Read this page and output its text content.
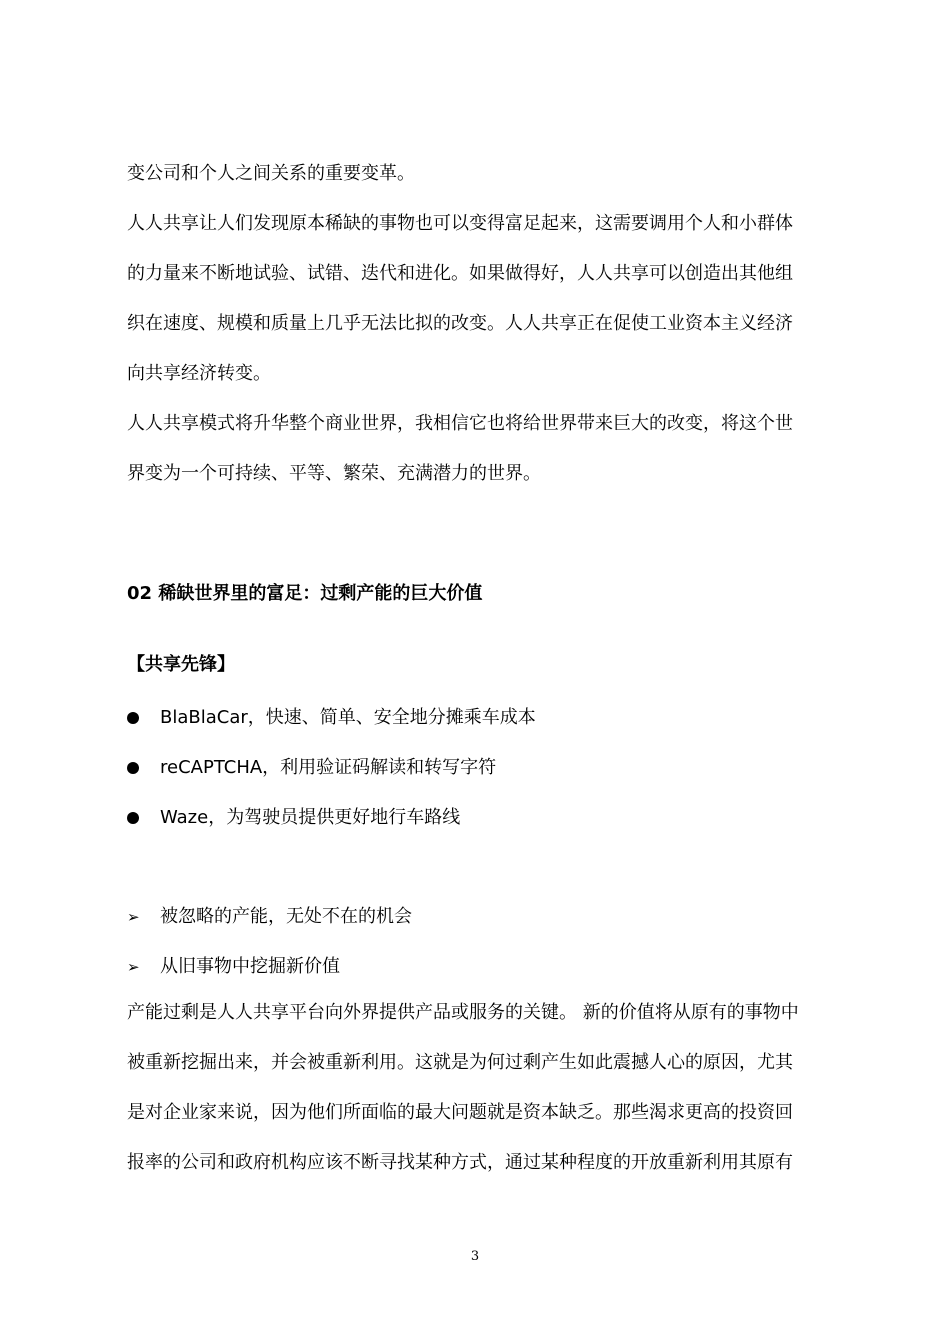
变公司和个人之间关系的重要变革。
人人共享让人们发现原本稀缺的事物也可以变得富足起来，这需要调用个人和小群体
的力量来不断地试验、试错、迭代和进化。如果做得好，人人共享可以创造出其他组
织在速度、规模和质量上几乎无法比拟的改变。人人共享正在促使工业资本主义经济
向共享经济转变。
人人共享模式将升华整个商业世界，我相信它也将给世界带来巨大的改变，将这个世
界变为一个可持续、平等、繁荣、充满潜力的世界。
02 稀缺世界里的富足：过剩产能的巨大价值
【共享先锋】
BlaBlaCar，快速、简单、安全地分摊乘车成本
reCAPTCHA，利用验证码解读和转写字符
Waze，为驾驶员提供更好地行车路线
➢ 被忽略的产能，无处不在的机会
➢ 从旧事物中挖掘新价值
产能过剩是人人共享平台向外界提供产品或服务的关键。 新的价值将从原有的事物中
被重新挖掘出来，并会被重新利用。这就是为何过剩产生如此震撼人心的原因，尤其
是对企业家来说，因为他们所面临的最大问题就是资本缺乏。那些渴求更高的投资回
报率的公司和政府机构应该不断寻找某种方式，通过某种程度的开放重新利用其原有
3
